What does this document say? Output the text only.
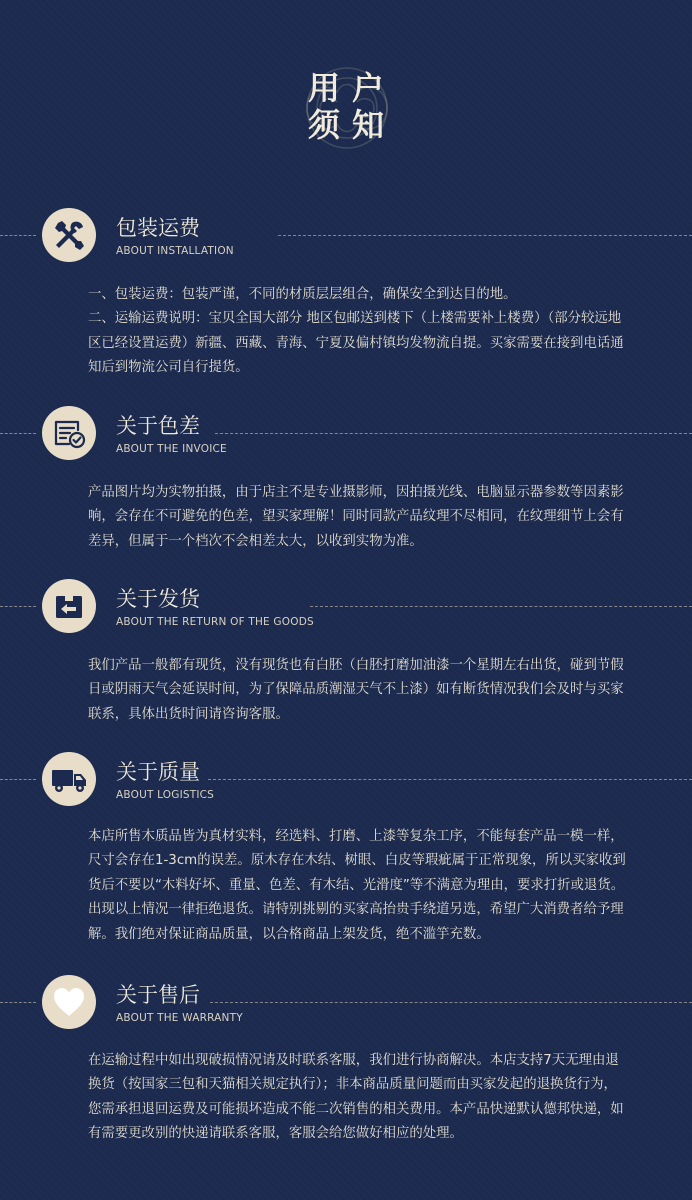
用户
须知
包装运费
ABOUT INSTALLATION

一、包装运费：包装严谨，不同的材质层层组合，确保安全到达目的地。

二、运输运费说明：宝贝全国大部分 地区包邮送到楼下（上楼需要补上楼费）（部分较远地区已经设置运费）新疆、西藏、青海、宁夏及偏村镇均发物流自提。买家需要在接到电话通知后到物流公司自行提货。

关于色差
ABOUT THE INVOICE

产品图片均为实物拍摄，由于店主不是专业摄影师，因拍摄光线、电脑显示器参数等因素影响，会存在不可避免的色差，望买家理解！同时同款产品纹理不尽相同，在纹理细节上会有差异，但属于一个档次不会相差太大，以收到实物为准。

关于发货
ABOUT THE RETURN OF THE GOODS

我们产品一般都有现货，没有现货也有白胚（白胚打磨加油漆一个星期左右出货，碰到节假日或阴雨天气会延误时间，为了保障品质潮湿天气不上漆）如有断货情况我们会及时与买家联系，具体出货时间请咨询客服。

关于质量
ABOUT LOGISTICS

本店所售木质品皆为真材实料，经选料、打磨、上漆等复杂工序，不能每套产品一模一样，尺寸会存在1-3cm的误差。原木存在木结、树眼、白皮等瑕疵属于正常现象，所以买家收到货后不要以“木料好坏、重量、色差、有木结、光滑度”等不满意为理由，要求打折或退货。出现以上情况一律拒绝退货。请特别挑剔的买家高抬贵手绕道另选，希望广大消费者给予理解。我们绝对保证商品质量，以合格商品上架发货，绝不滥竽充数。

关于售后
ABOUT THE WARRANTY

在运输过程中如出现破损情况请及时联系客服，我们进行协商解决。本店支持7天无理由退换货（按国家三包和天猫相关规定执行）；非本商品质量问题而由买家发起的退换货行为，您需承担退回运费及可能损坏造成不能二次销售的相关费用。本产品快递默认德邦快递，如有需要更改别的快递请联系客服，客服会给您做好相应的处理。
